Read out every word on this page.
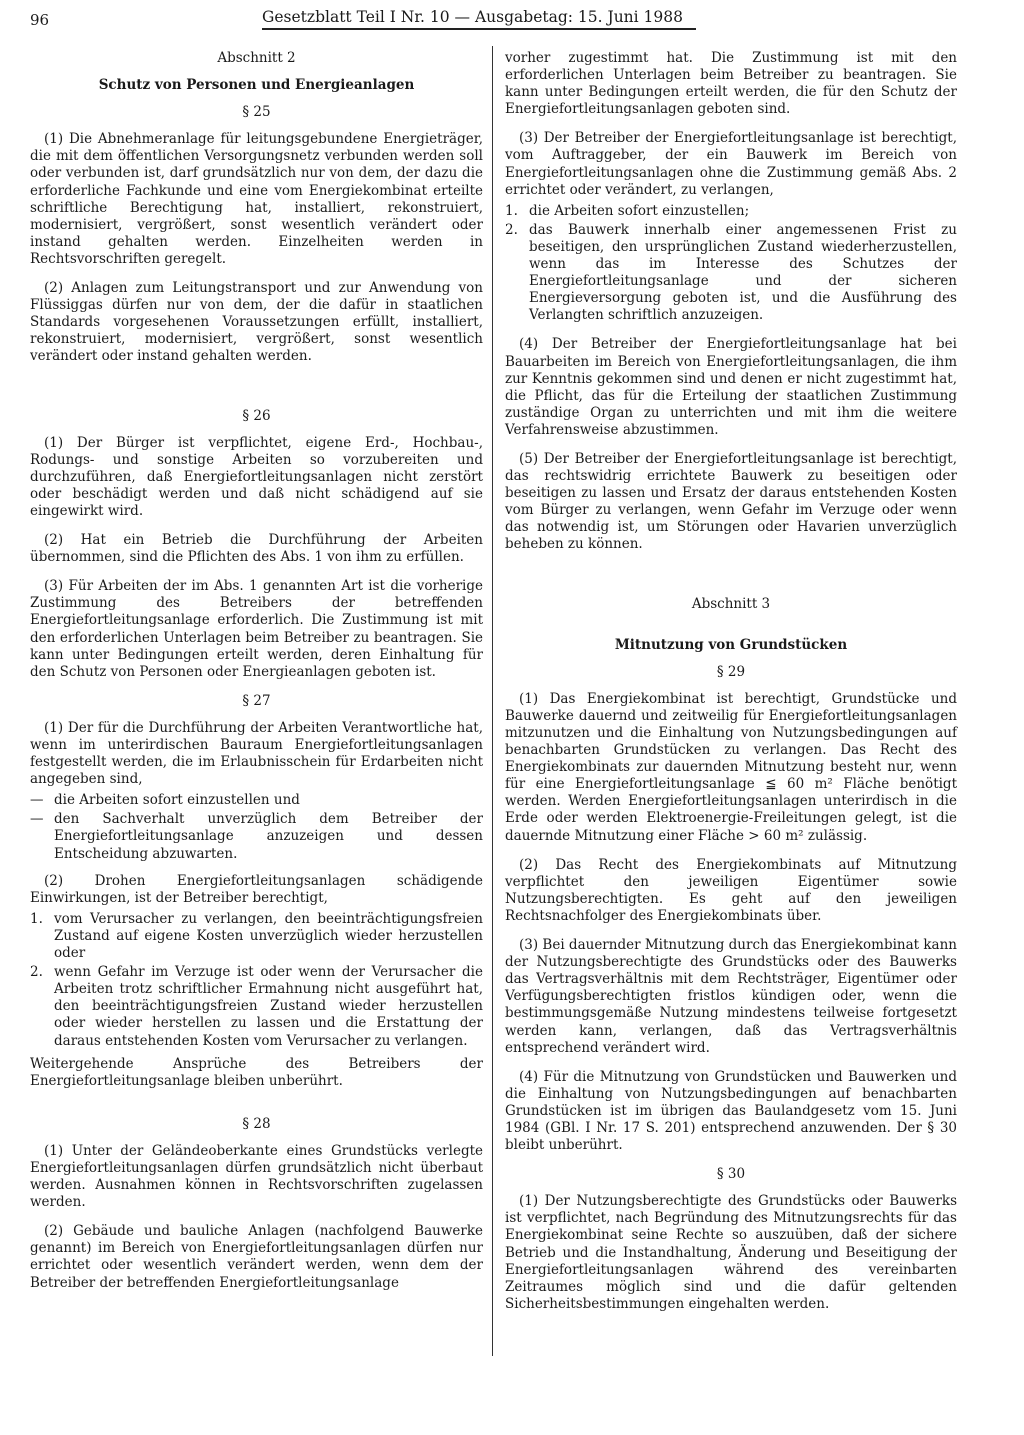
96	Gesetzblatt Teil I Nr. 10 — Ausgabetag: 15. Juni 1988

Abschnitt 2

Schutz von Personen und Energieanlagen

§ 25

(1) Die Abnehmeranlage für leitungsgebundene Energieträger, die mit dem öffentlichen Versorgungsnetz verbunden werden soll oder verbunden ist, darf grundsätzlich nur von dem, der dazu die erforderliche Fachkunde und eine vom Energiekombinat erteilte schriftliche Berechtigung hat, installiert, rekonstruiert, modernisiert, vergrößert, sonst wesentlich verändert oder instand gehalten werden. Einzelheiten werden in Rechtsvorschriften geregelt.

(2) Anlagen zum Leitungstransport und zur Anwendung von Flüssiggas dürfen nur von dem, der die dafür in staatlichen Standards vorgesehenen Voraussetzungen erfüllt, installiert, rekonstruiert, modernisiert, vergrößert, sonst wesentlich verändert oder instand gehalten werden.

§ 26

(1) Der Bürger ist verpflichtet, eigene Erd-, Hochbau-, Rodungs- und sonstige Arbeiten so vorzubereiten und durchzuführen, daß Energiefortleitungsanlagen nicht zerstört oder beschädigt werden und daß nicht schädigend auf sie eingewirkt wird.

(2) Hat ein Betrieb die Durchführung der Arbeiten übernommen, sind die Pflichten des Abs. 1 von ihm zu erfüllen.

(3) Für Arbeiten der im Abs. 1 genannten Art ist die vorherige Zustimmung des Betreibers der betreffenden Energiefortleitungsanlage erforderlich. Die Zustimmung ist mit den erforderlichen Unterlagen beim Betreiber zu beantragen. Sie kann unter Bedingungen erteilt werden, deren Einhaltung für den Schutz von Personen oder Energieanlagen geboten ist.

§ 27

(1) Der für die Durchführung der Arbeiten Verantwortliche hat, wenn im unterirdischen Bauraum Energiefortleitungsanlagen festgestellt werden, die im Erlaubnisschein für Erdarbeiten nicht angegeben sind,

— die Arbeiten sofort einzustellen und
— den Sachverhalt unverzüglich dem Betreiber der Energiefortleitungsanlage anzuzeigen und dessen Entscheidung abzuwarten.

(2) Drohen Energiefortleitungsanlagen schädigende Einwirkungen, ist der Betreiber berechtigt,

1. vom Verursacher zu verlangen, den beeinträchtigungsfreien Zustand auf eigene Kosten unverzüglich wieder herzustellen oder
2. wenn Gefahr im Verzuge ist oder wenn der Verursacher die Arbeiten trotz schriftlicher Ermahnung nicht ausgeführt hat, den beeinträchtigungsfreien Zustand wieder herzustellen oder wieder herstellen zu lassen und die Erstattung der daraus entstehenden Kosten vom Verursacher zu verlangen.

Weitergehende Ansprüche des Betreibers der Energiefortleitungsanlage bleiben unberührt.

§ 28

(1) Unter der Geländeoberkante eines Grundstücks verlegte Energiefortleitungsanlagen dürfen grundsätzlich nicht überbaut werden. Ausnahmen können in Rechtsvorschriften zugelassen werden.

(2) Gebäude und bauliche Anlagen (nachfolgend Bauwerke genannt) im Bereich von Energiefortleitungsanlagen dürfen nur errichtet oder wesentlich verändert werden, wenn dem der Betreiber der betreffenden Energiefortleitungsanlage

vorher zugestimmt hat. Die Zustimmung ist mit den erforderlichen Unterlagen beim Betreiber zu beantragen. Sie kann unter Bedingungen erteilt werden, die für den Schutz der Energiefortleitungsanlagen geboten sind.

(3) Der Betreiber der Energiefortleitungsanlage ist berechtigt, vom Auftraggeber, der ein Bauwerk im Bereich von Energiefortleitungsanlagen ohne die Zustimmung gemäß Abs. 2 errichtet oder verändert, zu verlangen,

1. die Arbeiten sofort einzustellen;
2. das Bauwerk innerhalb einer angemessenen Frist zu beseitigen, den ursprünglichen Zustand wiederherzustellen, wenn das im Interesse des Schutzes der Energiefortleitungsanlage und der sicheren Energieversorgung geboten ist, und die Ausführung des Verlangten schriftlich anzuzeigen.

(4) Der Betreiber der Energiefortleitungsanlage hat bei Bauarbeiten im Bereich von Energiefortleitungsanlagen, die ihm zur Kenntnis gekommen sind und denen er nicht zugestimmt hat, die Pflicht, das für die Erteilung der staatlichen Zustimmung zuständige Organ zu unterrichten und mit ihm die weitere Verfahrensweise abzustimmen.

(5) Der Betreiber der Energiefortleitungsanlage ist berechtigt, das rechtswidrig errichtete Bauwerk zu beseitigen oder beseitigen zu lassen und Ersatz der daraus entstehenden Kosten vom Bürger zu verlangen, wenn Gefahr im Verzuge oder wenn das notwendig ist, um Störungen oder Havarien unverzüglich beheben zu können.

Abschnitt 3

Mitnutzung von Grundstücken

§ 29

(1) Das Energiekombinat ist berechtigt, Grundstücke und Bauwerke dauernd und zeitweilig für Energiefortleitungsanlagen mitzunutzen und die Einhaltung von Nutzungsbedingungen auf benachbarten Grundstücken zu verlangen. Das Recht des Energiekombinats zur dauernden Mitnutzung besteht nur, wenn für eine Energiefortleitungsanlage ≦ 60 m² Fläche benötigt werden. Werden Energiefortleitungsanlagen unterirdisch in die Erde oder werden Elektroenergie-Freileitungen gelegt, ist die dauernde Mitnutzung einer Fläche > 60 m² zulässig.

(2) Das Recht des Energiekombinats auf Mitnutzung verpflichtet den jeweiligen Eigentümer sowie Nutzungsberechtigten. Es geht auf den jeweiligen Rechtsnachfolger des Energiekombinats über.

(3) Bei dauernder Mitnutzung durch das Energiekombinat kann der Nutzungsberechtigte des Grundstücks oder des Bauwerks das Vertragsverhältnis mit dem Rechtsträger, Eigentümer oder Verfügungsberechtigten fristlos kündigen oder, wenn die bestimmungsgemäße Nutzung mindestens teilweise fortgesetzt werden kann, verlangen, daß das Vertragsverhältnis entsprechend verändert wird.

(4) Für die Mitnutzung von Grundstücken und Bauwerken und die Einhaltung von Nutzungsbedingungen auf benachbarten Grundstücken ist im übrigen das Baulandgesetz vom 15. Juni 1984 (GBl. I Nr. 17 S. 201) entsprechend anzuwenden. Der § 30 bleibt unberührt.

§ 30

(1) Der Nutzungsberechtigte des Grundstücks oder Bauwerks ist verpflichtet, nach Begründung des Mitnutzungsrechts für das Energiekombinat seine Rechte so auszuüben, daß der sichere Betrieb und die Instandhaltung, Änderung und Beseitigung der Energiefortleitungsanlagen während des vereinbarten Zeitraumes möglich sind und die dafür geltenden Sicherheitsbestimmungen eingehalten werden.
